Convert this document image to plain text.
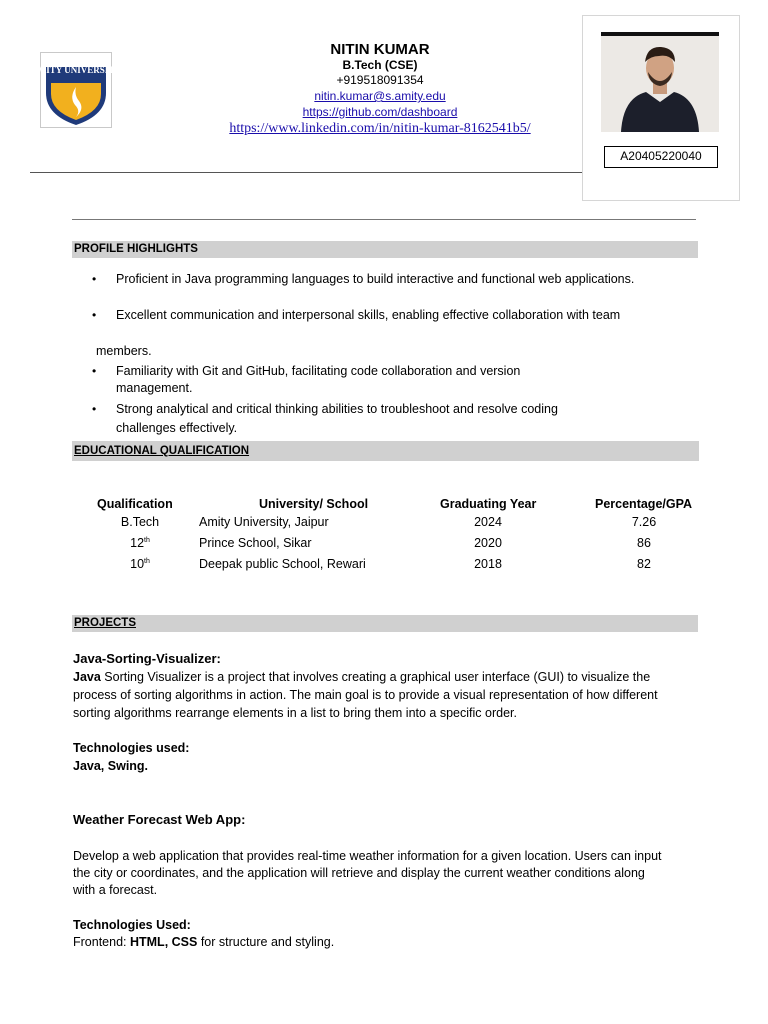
AMITY UNIVERSITY
NITIN KUMAR
B.Tech (CSE)
+919518091354
nitin.kumar@s.amity.edu
https://github.com/dashboard
https://www.linkedin.com/in/nitin-kumar-8162541b5/
A20405220040
PROFILE HIGHLIGHTS
• Proficient in Java programming languages to build interactive and functional web applications.
• Excellent communication and interpersonal skills, enabling effective collaboration with team
members.
• Familiarity with Git and GitHub, facilitating code collaboration and version
management.
• Strong analytical and critical thinking abilities to troubleshoot and resolve coding
challenges effectively.
EDUCATIONAL QUALIFICATION
Qualification	University/ School	Graduating Year	Percentage/GPA
B.Tech	Amity University, Jaipur	2024	7.26
12th	Prince School, Sikar	2020	86
10th	Deepak public School, Rewari	2018	82
PROJECTS
Java-Sorting-Visualizer:
Java Sorting Visualizer is a project that involves creating a graphical user interface (GUI) to visualize the
process of sorting algorithms in action. The main goal is to provide a visual representation of how different
sorting algorithms rearrange elements in a list to bring them into a specific order.
Technologies used:
Java, Swing.
Weather Forecast Web App:
Develop a web application that provides real-time weather information for a given location. Users can input
the city or coordinates, and the application will retrieve and display the current weather conditions along
with a forecast.
Technologies Used:
Frontend: HTML, CSS for structure and styling.
